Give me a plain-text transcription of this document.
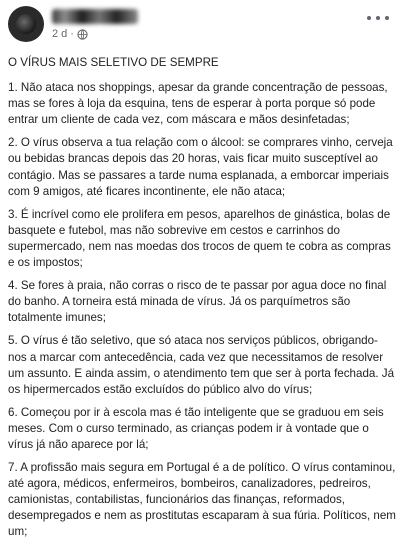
2 d ·

O VÍRUS MAIS SELETIVO DE SEMPRE

1. Não ataca nos shoppings, apesar da grande concentração de pessoas, mas se fores à loja da esquina, tens de esperar à porta porque só pode entrar um cliente de cada vez, com máscara e mãos desinfetadas;

2. O vírus observa a tua relação com o álcool: se comprares vinho, cerveja ou bebidas brancas depois das 20 horas, vais ficar muito susceptível ao contágio. Mas se passares a tarde numa esplanada, a emborcar imperiais com 9 amigos, até ficares incontinente, ele não ataca;

3. É incrível como ele prolifera em pesos, aparelhos de ginástica, bolas de basquete e futebol, mas não sobrevive em cestos e carrinhos do supermercado, nem nas moedas dos trocos de quem te cobra as compras e os impostos;

4. Se fores à praia, não corras o risco de te passar por agua doce no final do banho. A torneira está minada de vírus. Já os parquímetros são totalmente imunes;

5. O vírus é tão seletivo, que só ataca nos serviços públicos, obrigando-nos a marcar com antecedência, cada vez que necessitamos de resolver um assunto. E ainda assim, o atendimento tem que ser à porta fechada. Já os hipermercados estão excluídos do público alvo do vírus;

6. Começou por ir à escola mas é tão inteligente que se graduou em seis meses. Com o curso terminado, as crianças podem ir à vontade que o vírus já não aparece por lá;

7. A profissão mais segura em Portugal é a de político. O vírus contaminou, até agora, médicos, enfermeiros, bombeiros, canalizadores, pedreiros, camionistas, contabilistas, funcionários das finanças, reformados, desempregados e nem as prostitutas escaparam à sua fúria. Políticos, nem um;
